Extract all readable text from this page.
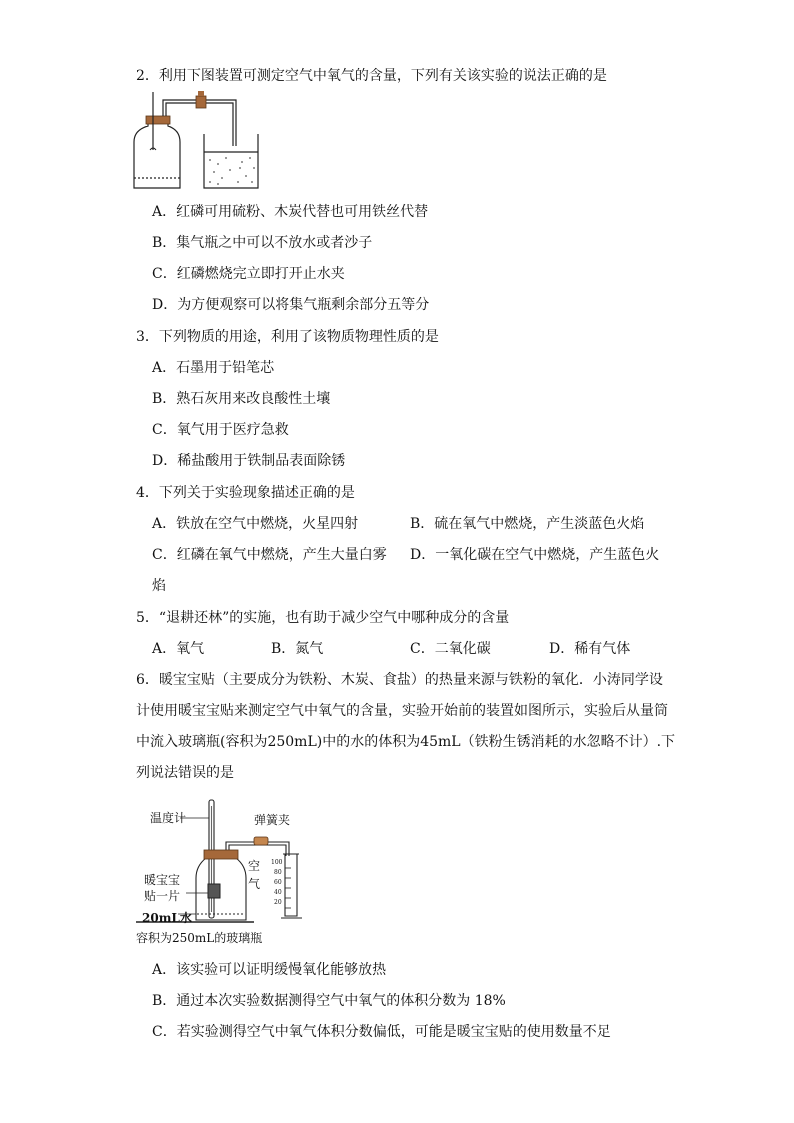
2．利用下图装置可测定空气中氧气的含量，下列有关该实验的说法正确的是
A．红磷可用硫粉、木炭代替也可用铁丝代替
B．集气瓶之中可以不放水或者沙子
C．红磷燃烧完立即打开止水夹
D．为方便观察可以将集气瓶剩余部分五等分
3．下列物质的用途，利用了该物质物理性质的是
A．石墨用于铅笔芯
B．熟石灰用来改良酸性土壤
C．氧气用于医疗急救
D．稀盐酸用于铁制品表面除锈
4．下列关于实验现象描述正确的是
A．铁放在空气中燃烧，火星四射	B．硫在氧气中燃烧，产生淡蓝色火焰
C．红磷在氧气中燃烧，产生大量白雾 D．一氧化碳在空气中燃烧，产生蓝色火
焰
5．“退耕还林”的实施，也有助于减少空气中哪种成分的含量
A．氧气	B．氮气	C．二氧化碳	D．稀有气体
6．暖宝宝贴（主要成分为铁粉、木炭、食盐）的热量来源与铁粉的氧化．小涛同学设
计使用暖宝宝贴来测定空气中氧气的含量，实验开始前的装置如图所示，实验后从量筒
中流入玻璃瓶(容积为250mL)中的水的体积为45mL（铁粉生锈消耗的水忽略不计）.下
列说法错误的是
温度计	弹簧夹
暖宝宝
贴一片
空
气
20mL水
容积为250mL的玻璃瓶
100
80
60
40
20
A．该实验可以证明缓慢氧化能够放热
B．通过本次实验数据测得空气中氧气的体积分数为 18%
C．若实验测得空气中氧气体积分数偏低，可能是暖宝宝贴的使用数量不足
